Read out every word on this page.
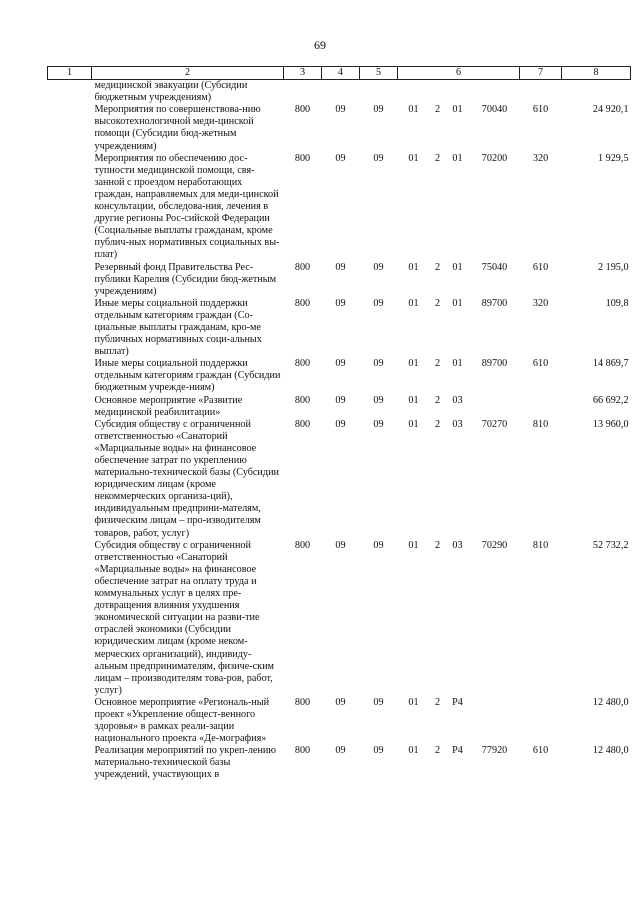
69
1	2	3	4	5	6				7	8
	медицинской эвакуации (Субсидии бюджетным учреждениям)									
	Мероприятия по совершенствова-нию высокотехнологичной меди-цинской помощи (Субсидии бюд-жетным учреждениям)	800	09	09	01	2	01	70040	610	24 920,1
	Мероприятия по обеспечению дос-тупности медицинской помощи, свя-занной с проездом неработающих граждан, направляемых для меди-цинской консультации, обследова-ния, лечения в другие регионы Рос-сийской Федерации (Социальные выплаты гражданам, кроме публич-ных нормативных социальных вы-плат)	800	09	09	01	2	01	70200	320	1 929,5
	Резервный фонд Правительства Рес-публики Карелия (Субсидии бюд-жетным учреждениям)	800	09	09	01	2	01	75040	610	2 195,0
	Иные меры социальной поддержки отдельным категориям граждан (Со-циальные выплаты гражданам, кро-ме публичных нормативных соци-альных выплат)	800	09	09	01	2	01	89700	320	109,8
	Иные меры социальной поддержки отдельным категориям граждан (Субсидии бюджетным учрежде-ниям)	800	09	09	01	2	01	89700	610	14 869,7
	Основное мероприятие «Развитие медицинской реабилитации»	800	09	09	01	2	03			66 692,2
	Субсидия обществу с ограниченной ответственностью «Санаторий «Марциальные воды» на финансовое обеспечение затрат по укреплению материально-технической базы (Субсидии юридическим лицам (кроме некоммерческих организа-ций), индивидуальным предприни-мателям, физическим лицам – про-изводителям товаров, работ, услуг)	800	09	09	01	2	03	70270	810	13 960,0
	Субсидия обществу с ограниченной ответственностью «Санаторий «Марциальные воды» на финансовое обеспечение затрат на оплату труда и коммунальных услуг в целях пре-дотвращения влияния ухудшения экономической ситуации на разви-тие отраслей экономики (Субсидии юридическим лицам (кроме неком-мерческих организаций), индивиду-альным предпринимателям, физиче-ским лицам – производителям това-ров, работ, услуг)	800	09	09	01	2	03	70290	810	52 732,2
	Основное мероприятие «Региональ-ный проект «Укрепление общест-венного здоровья» в рамках реали-зации национального проекта «Де-мография»	800	09	09	01	2	P4			12 480,0
	Реализация мероприятий по укреп-лению материально-технической базы учреждений, участвующих в	800	09	09	01	2	P4	77920	610	12 480,0
